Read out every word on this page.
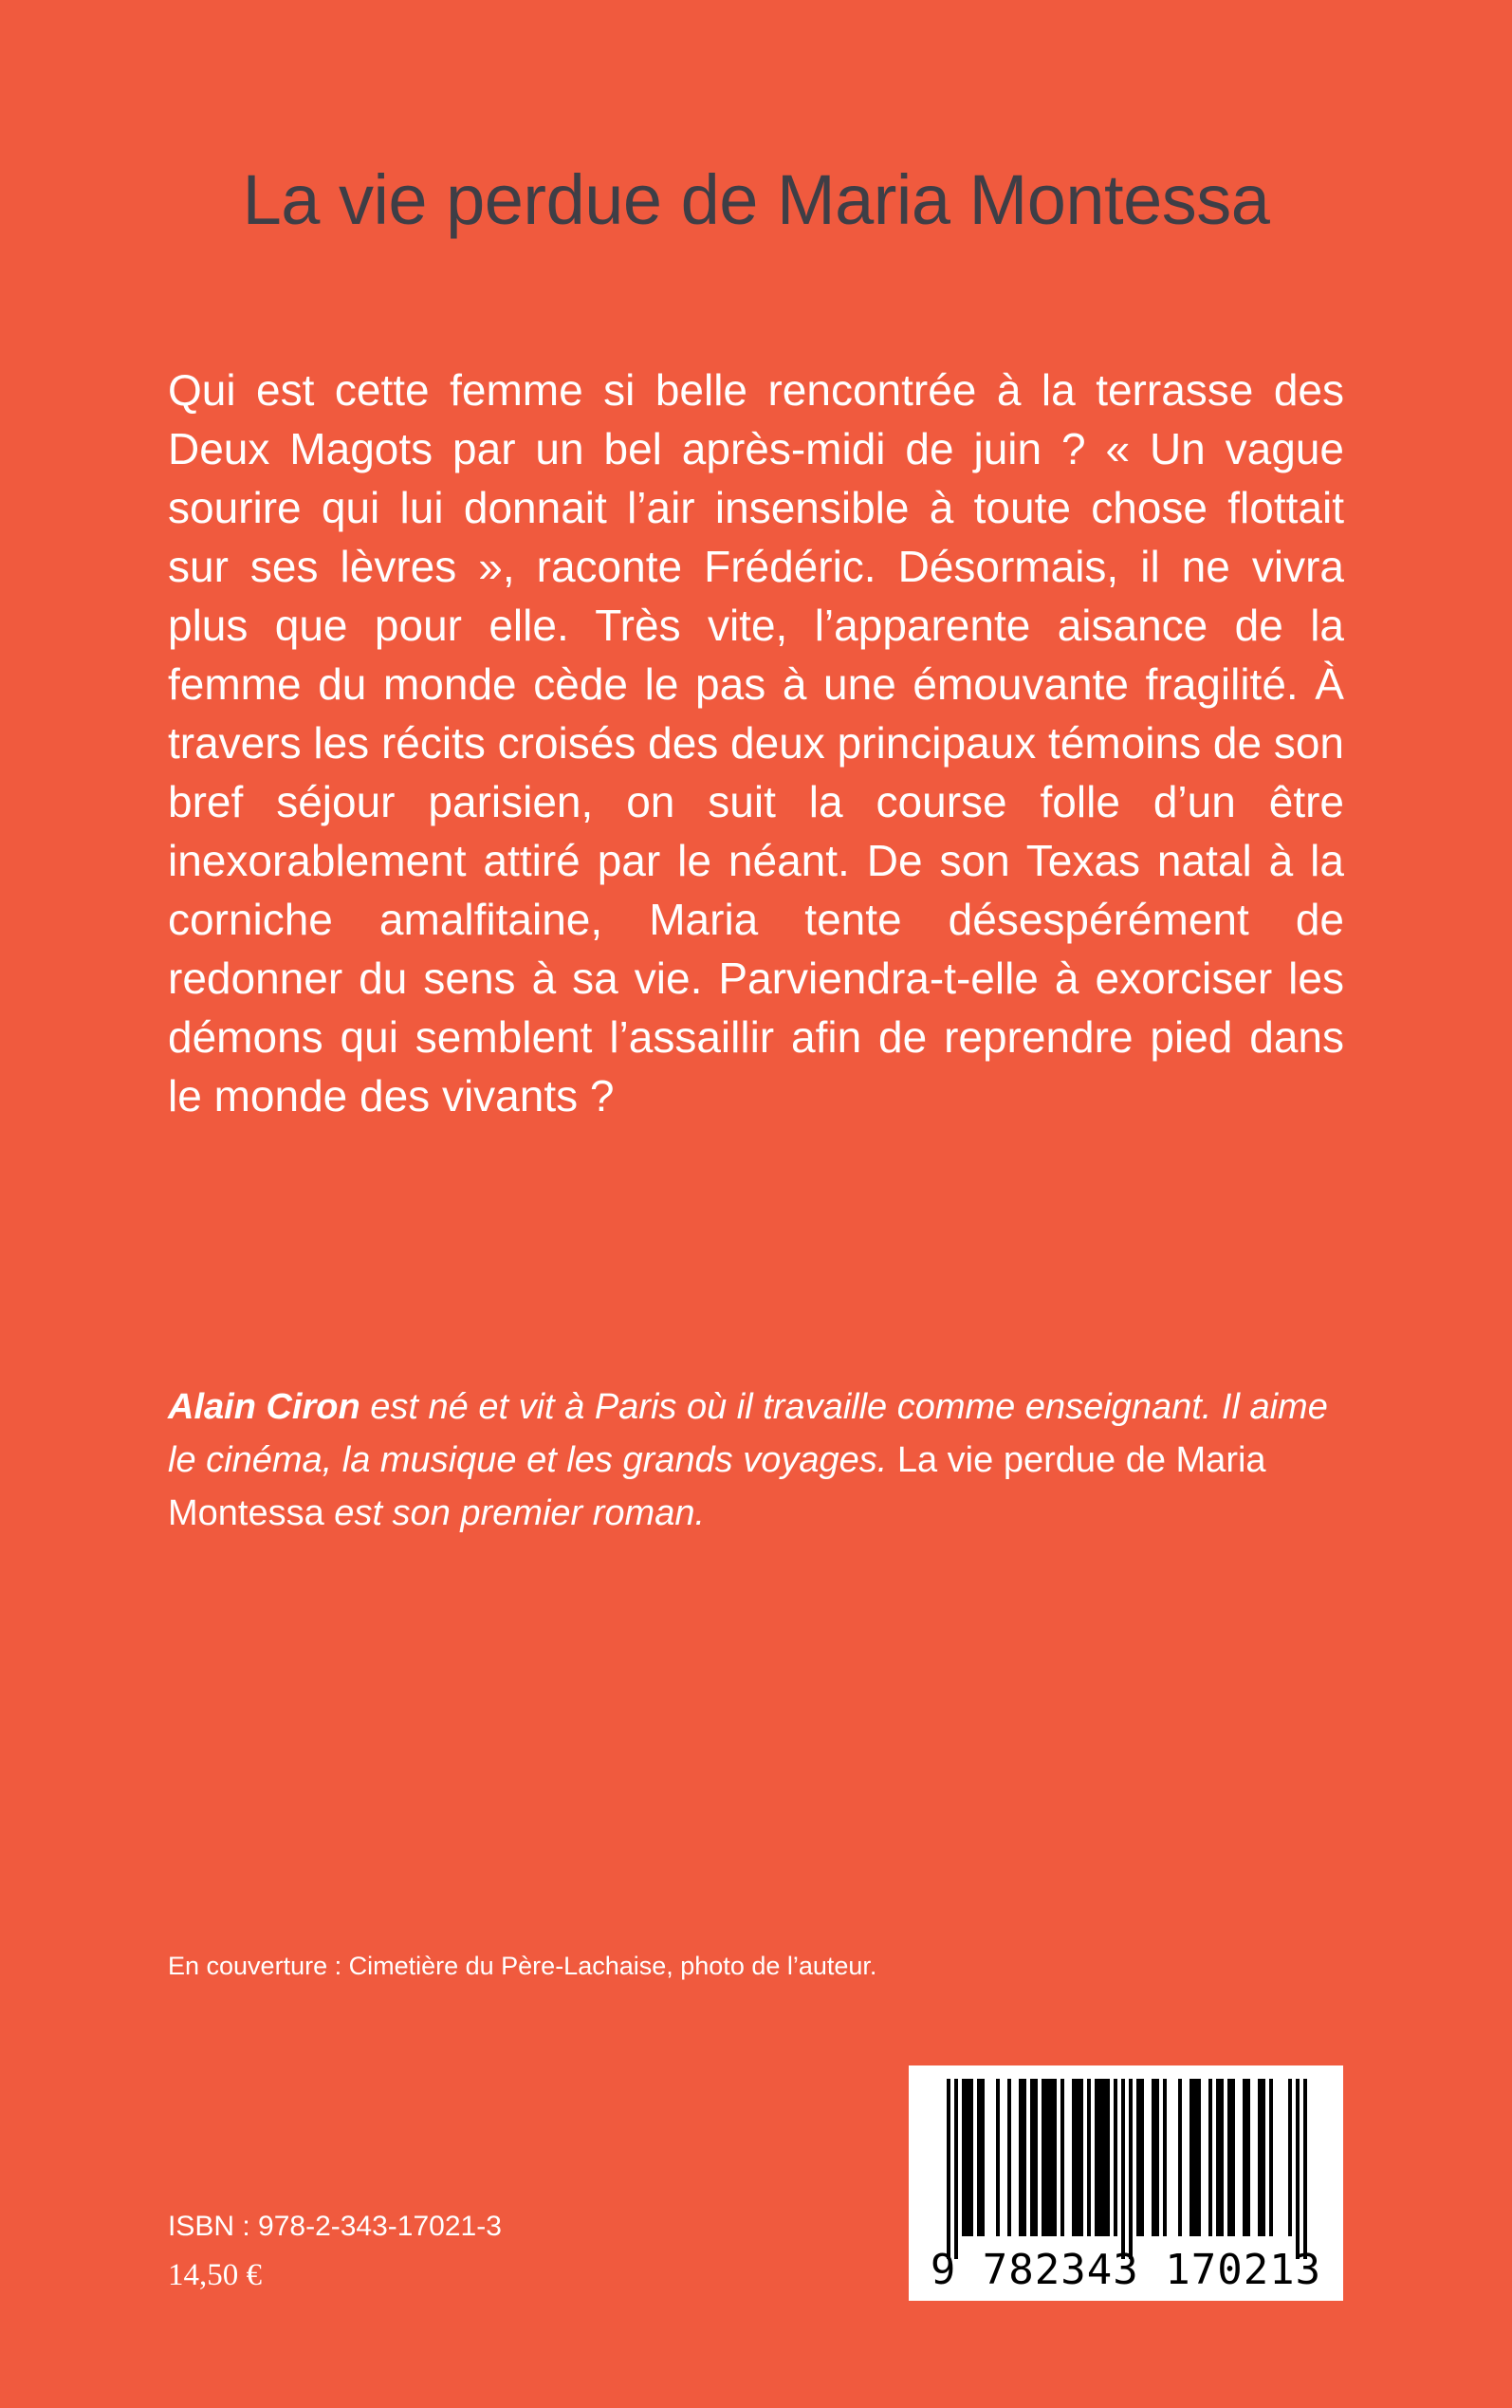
La vie perdue de Maria Montessa

Qui est cette femme si belle rencontrée à la terrasse des Deux Magots par un bel après-midi de juin ? « Un vague sourire qui lui donnait l’air insensible à toute chose flottait sur ses lèvres », raconte Frédéric. Désormais, il ne vivra plus que pour elle. Très vite, l’apparente aisance de la femme du monde cède le pas à une émouvante fragilité. À travers les récits croisés des deux principaux témoins de son bref séjour parisien, on suit la course folle d’un être inexorablement attiré par le néant. De son Texas natal à la corniche amalfitaine, Maria tente désespérément de redonner du sens à sa vie. Parviendra-t-elle à exorciser les démons qui semblent l’assaillir afin de reprendre pied dans le monde des vivants ?

Alain Ciron est né et vit à Paris où il travaille comme enseignant. Il aime le cinéma, la musique et les grands voyages. La vie perdue de Maria Montessa est son premier roman.

En couverture : Cimetière du Père-Lachaise, photo de l’auteur.

ISBN : 978-2-343-17021-3

14,50 €	9 782343 170213
